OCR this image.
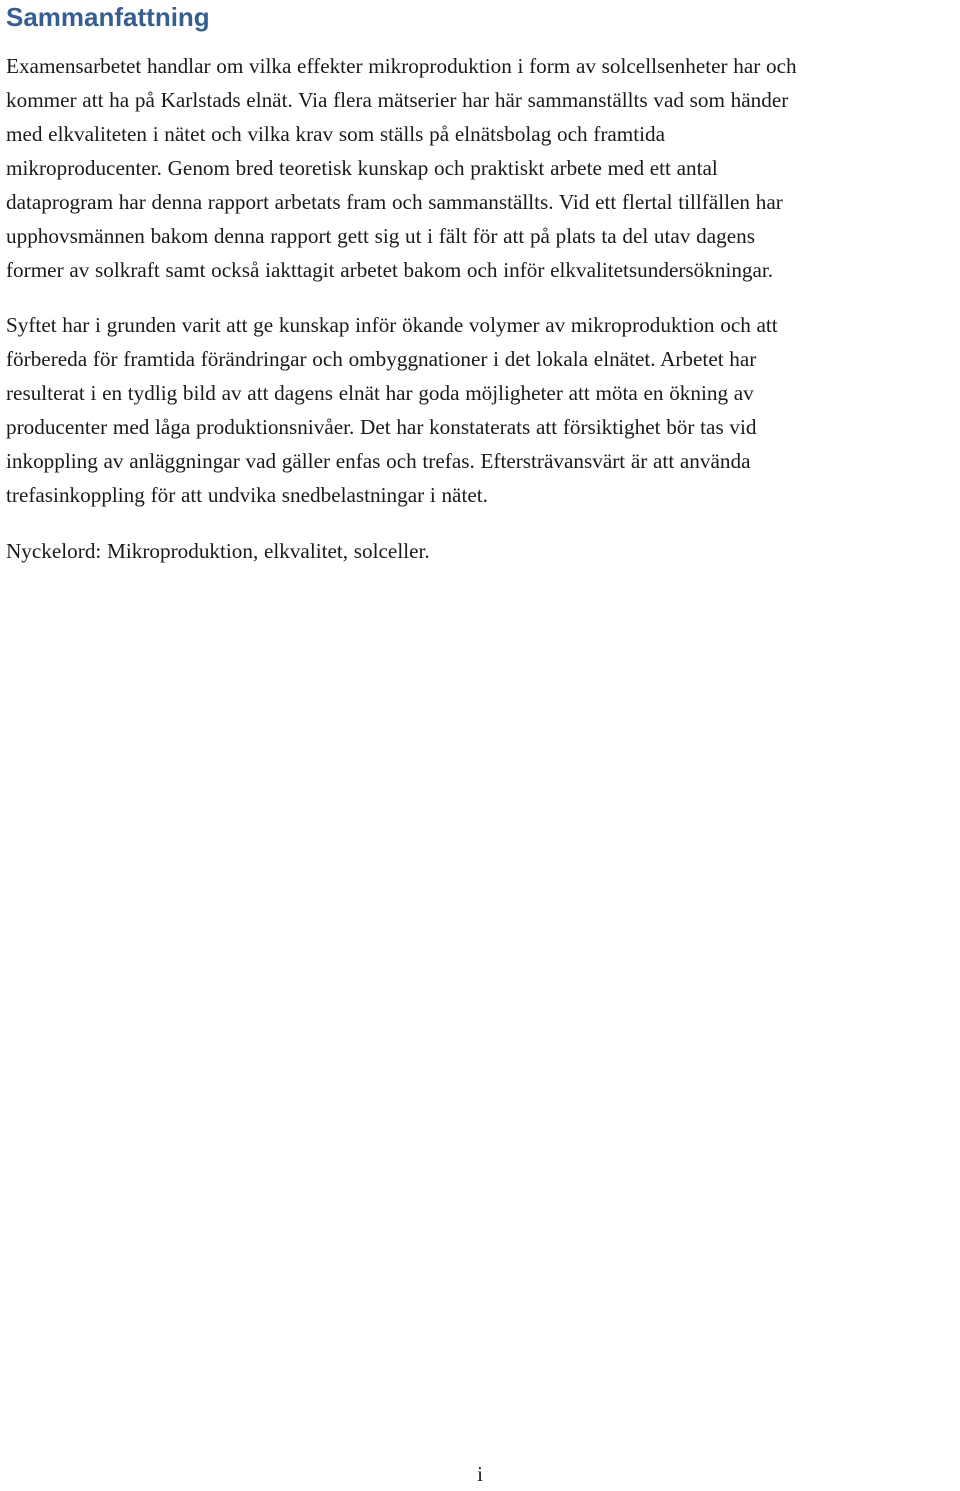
Sammanfattning

Examensarbetet handlar om vilka effekter mikroproduktion i form av solcellsenheter har och
kommer att ha på Karlstads elnät. Via flera mätserier har här sammanställts vad som händer
med elkvaliteten i nätet och vilka krav som ställs på elnätsbolag och framtida
mikroproducenter. Genom bred teoretisk kunskap och praktiskt arbete med ett antal
dataprogram har denna rapport arbetats fram och sammanställts. Vid ett flertal tillfällen har
upphovsmännen bakom denna rapport gett sig ut i fält för att på plats ta del utav dagens
former av solkraft samt också iakttagit arbetet bakom och inför elkvalitetsundersökningar.

Syftet har i grunden varit att ge kunskap inför ökande volymer av mikroproduktion och att
förbereda för framtida förändringar och ombyggnationer i det lokala elnätet. Arbetet har
resulterat i en tydlig bild av att dagens elnät har goda möjligheter att möta en ökning av
producenter med låga produktionsnivåer. Det har konstaterats att försiktighet bör tas vid
inkoppling av anläggningar vad gäller enfas och trefas. Eftersträvansvärt är att använda
trefasinkoppling för att undvika snedbelastningar i nätet.

Nyckelord: Mikroproduktion, elkvalitet, solceller.

i
